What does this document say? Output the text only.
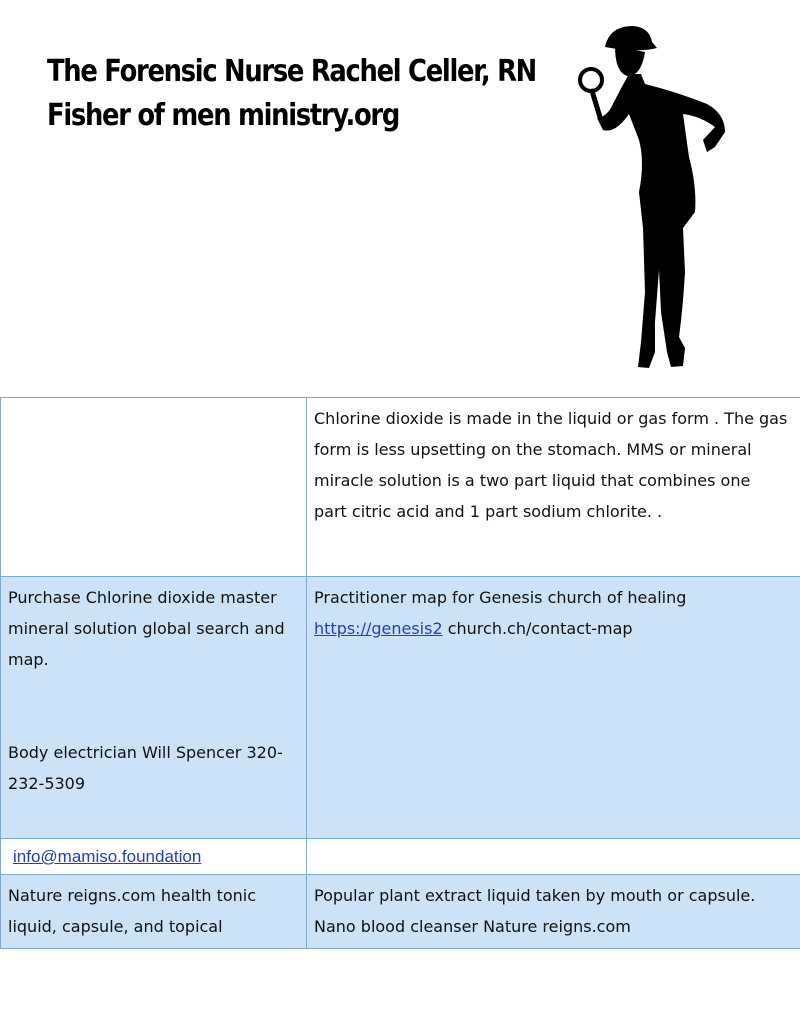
The Forensic Nurse Rachel Celler, RN
Fisher of men ministry.org

	Chlorine dioxide is made in the liquid or gas form . The gas
form is less upsetting on the stomach. MMS or mineral
miracle solution is a two part liquid that combines one
part citric acid and 1 part sodium chlorite. .

Purchase Chlorine dioxide master
mineral solution global search and
map.
Body electrician Will Spencer 320-
232-5309	Practitioner map for Genesis church of healing
https://genesis2 church.ch/contact-map

info@mamiso.foundation	

Nature reigns.com health tonic
liquid, capsule, and topical	Popular plant extract liquid taken by mouth or capsule.
Nano blood cleanser Nature reigns.com
